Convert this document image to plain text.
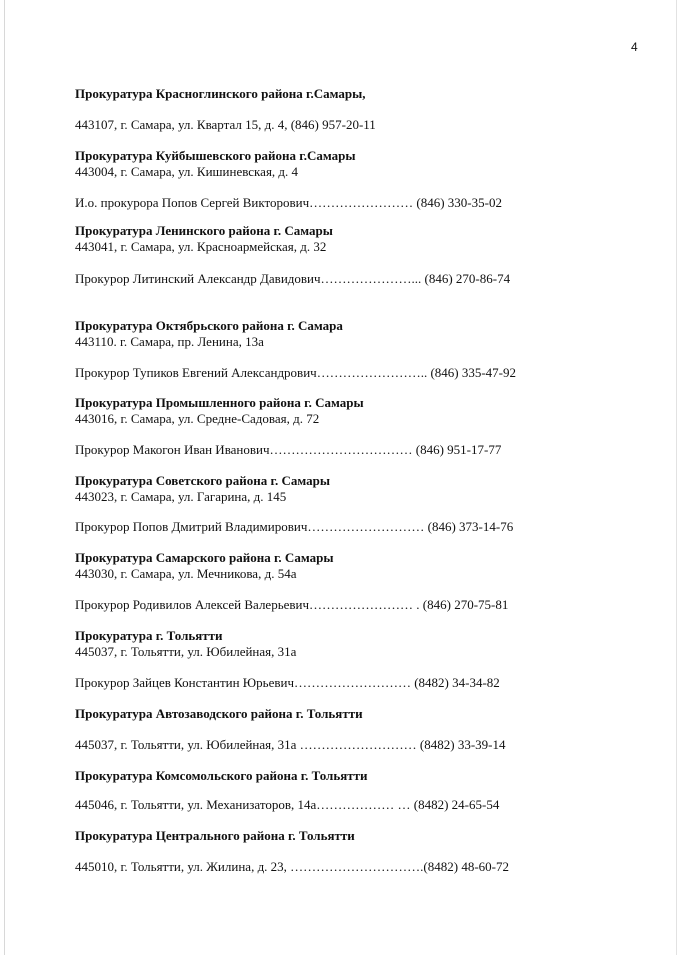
4
Прокуратура Красноглинского района г.Самары,
443107, г. Самара, ул. Квартал 15, д. 4, (846) 957-20-11
Прокуратура Куйбышевского района г.Самары
443004, г. Самара, ул. Кишиневская, д. 4
И.о. прокурора Попов Сергей Викторович…………………… (846) 330-35-02
Прокуратура Ленинского района г. Самары
443041, г. Самара, ул. Красноармейская, д. 32
Прокурор Литинский Александр Давидович…………………... (846) 270-86-74
Прокуратура Октябрьского района г. Самара
443110. г. Самара, пр. Ленина, 13а
Прокурор Тупиков Евгений Александрович…………………….. (846) 335-47-92
Прокуратура Промышленного района г. Самары
443016, г. Самара, ул. Средне-Садовая, д. 72
Прокурор Макогон Иван Иванович…………………………… (846) 951-17-77
Прокуратура Советского района г. Самары
443023, г. Самара, ул. Гагарина, д. 145
Прокурор Попов Дмитрий Владимирович……………………… (846) 373-14-76
Прокуратура Самарского района г. Самары
443030, г. Самара, ул. Мечникова, д. 54а
Прокурор Родивилов Алексей Валерьевич…………………… . (846) 270-75-81
Прокуратура г. Тольятти
445037, г. Тольятти, ул. Юбилейная, 31а
Прокурор Зайцев Константин Юрьевич……………………… (8482) 34-34-82
Прокуратура Автозаводского района г. Тольятти
445037, г. Тольятти, ул. Юбилейная, 31а ……………………… (8482) 33-39-14
Прокуратура Комсомольского района г. Тольятти
445046, г. Тольятти, ул. Механизаторов, 14а……………… … (8482) 24-65-54
Прокуратура Центрального района г. Тольятти
445010, г. Тольятти, ул. Жилина, д. 23, ………………………….(8482) 48-60-72
